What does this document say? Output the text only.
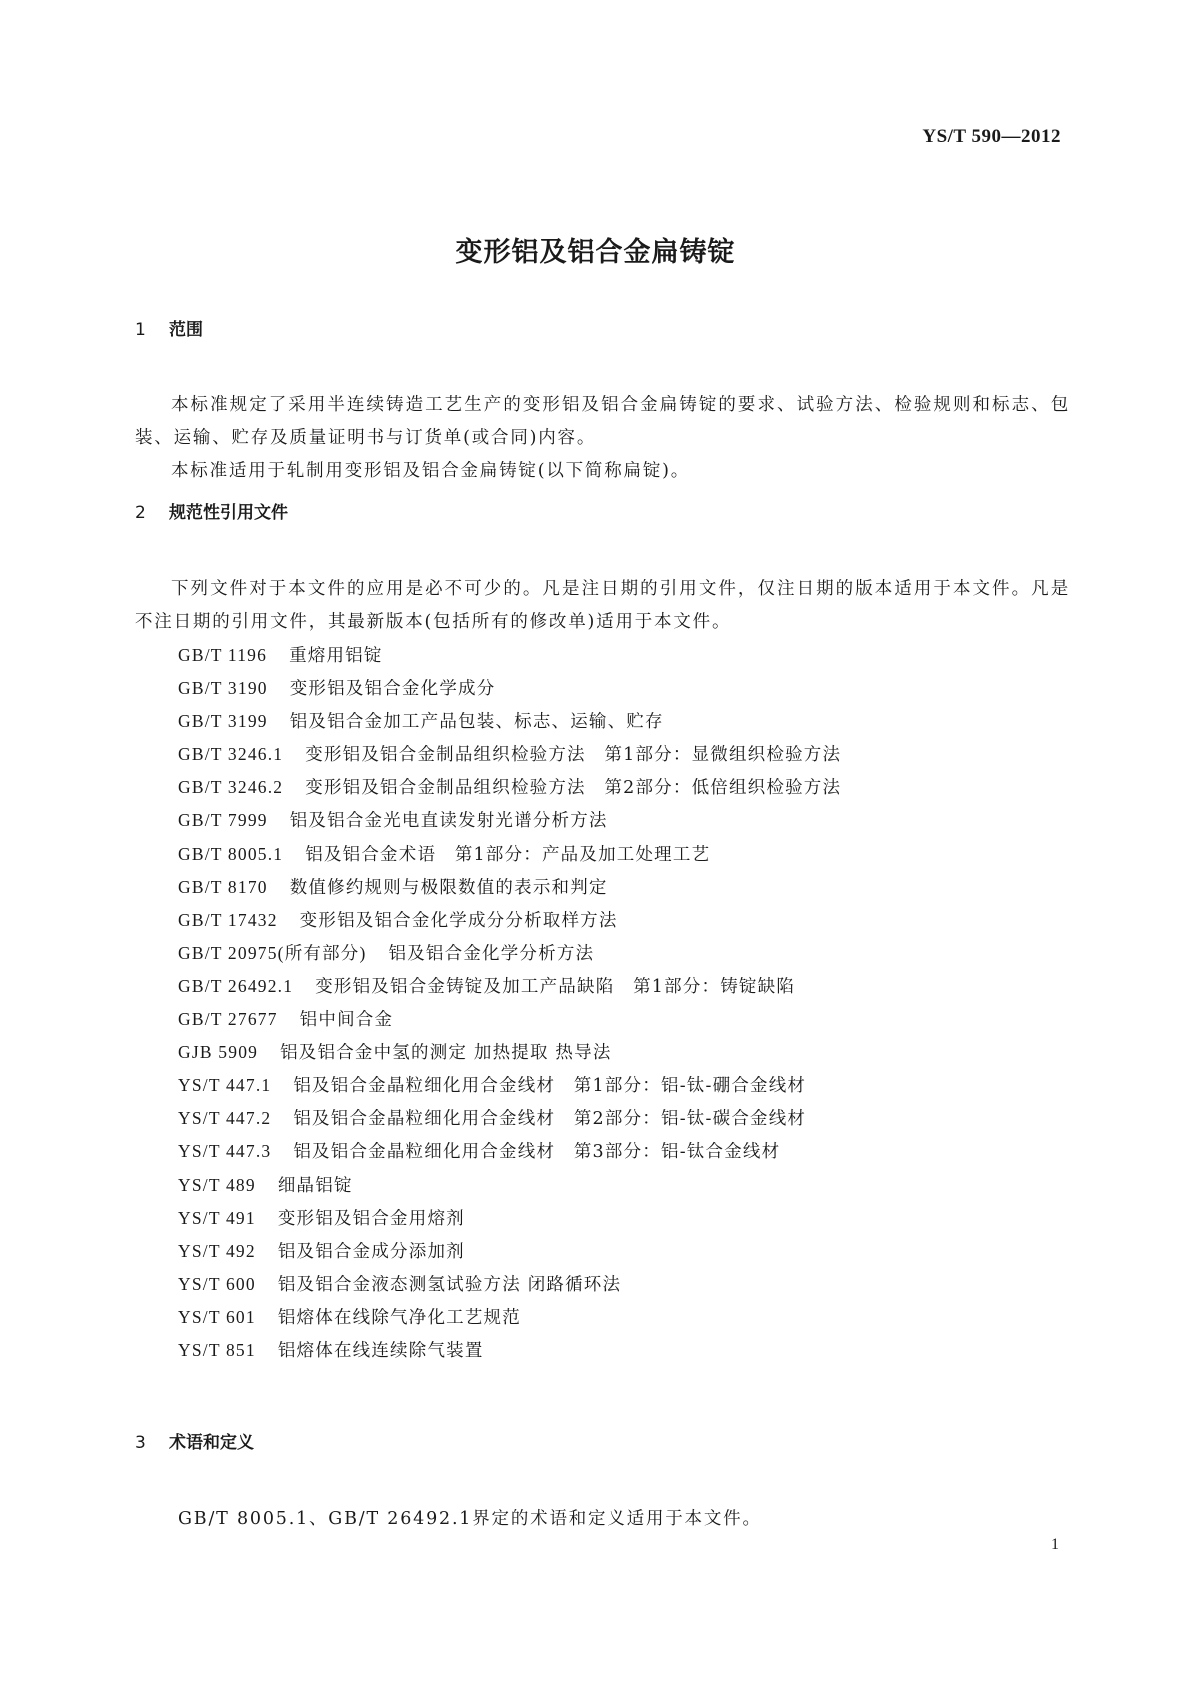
YS/T 590—2012
变形铝及铝合金扁铸锭
1 范围

本标准规定了采用半连续铸造工艺生产的变形铝及铝合金扁铸锭的要求、试验方法、检验规则和标志、包装、运输、贮存及质量证明书与订货单(或合同)内容。

本标准适用于轧制用变形铝及铝合金扁铸锭(以下简称扁锭)。

2 规范性引用文件

下列文件对于本文件的应用是必不可少的。凡是注日期的引用文件，仅注日期的版本适用于本文件。凡是不注日期的引用文件，其最新版本(包括所有的修改单)适用于本文件。

GB/T 1196 重熔用铝锭
GB/T 3190 变形铝及铝合金化学成分
GB/T 3199 铝及铝合金加工产品包装、标志、运输、贮存
GB/T 3246.1 变形铝及铝合金制品组织检验方法　第1部分：显微组织检验方法
GB/T 3246.2 变形铝及铝合金制品组织检验方法　第2部分：低倍组织检验方法
GB/T 7999 铝及铝合金光电直读发射光谱分析方法
GB/T 8005.1 铝及铝合金术语　第1部分：产品及加工处理工艺
GB/T 8170 数值修约规则与极限数值的表示和判定
GB/T 17432 变形铝及铝合金化学成分分析取样方法
GB/T 20975(所有部分) 铝及铝合金化学分析方法
GB/T 26492.1 变形铝及铝合金铸锭及加工产品缺陷　第1部分：铸锭缺陷
GB/T 27677 铝中间合金
GJB 5909 铝及铝合金中氢的测定 加热提取 热导法
YS/T 447.1 铝及铝合金晶粒细化用合金线材　第1部分：铝-钛-硼合金线材
YS/T 447.2 铝及铝合金晶粒细化用合金线材　第2部分：铝-钛-碳合金线材
YS/T 447.3 铝及铝合金晶粒细化用合金线材　第3部分：铝-钛合金线材
YS/T 489 细晶铝锭
YS/T 491 变形铝及铝合金用熔剂
YS/T 492 铝及铝合金成分添加剂
YS/T 600 铝及铝合金液态测氢试验方法 闭路循环法
YS/T 601 铝熔体在线除气净化工艺规范
YS/T 851 铝熔体在线连续除气装置
3 术语和定义

GB/T 8005.1、GB/T 26492.1界定的术语和定义适用于本文件。

1
